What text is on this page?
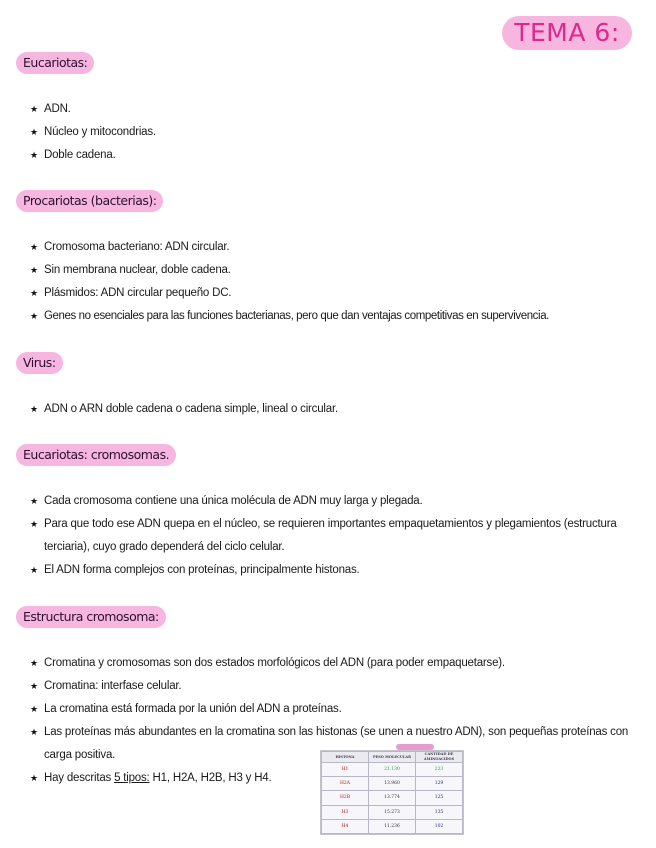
TEMA 6:
Eucariotas:
★ ADN.
★ Núcleo y mitocondrias.
★ Doble cadena.
Procariotas (bacterias):
★ Cromosoma bacteriano: ADN circular.
★ Sin membrana nuclear, doble cadena.
★ Plásmidos: ADN circular pequeño DC.
★ Genes no esenciales para las funciones bacterianas, pero que dan ventajas competitivas en supervivencia.
Virus:
★ ADN o ARN doble cadena o cadena simple, lineal o circular.
Eucariotas: cromosomas.
★ Cada cromosoma contiene una única molécula de ADN muy larga y plegada.
★ Para que todo ese ADN quepa en el núcleo, se requieren importantes empaquetamientos y plegamientos (estructura terciaria), cuyo grado dependerá del ciclo celular.
★ El ADN forma complejos con proteínas, principalmente histonas.
Estructura cromosoma:
★ Cromatina y cromosomas son dos estados morfológicos del ADN (para poder empaquetarse).
★ Cromatina: interfase celular.
★ La cromatina está formada por la unión del ADN a proteínas.
★ Las proteínas más abundantes en la cromatina son las histonas (se unen a nuestro ADN), son pequeñas proteínas con carga positiva.
★ Hay descritas 5 tipos: H1, H2A, H2B, H3 y H4.
HISTONA	PESO MOLECULAR	CANTIDAD DE AMINOACIDOS
H1	21.130	223
H2A	13.960	129
H2B	13.774	125
H3	15.273	135
H4	11.236	102
